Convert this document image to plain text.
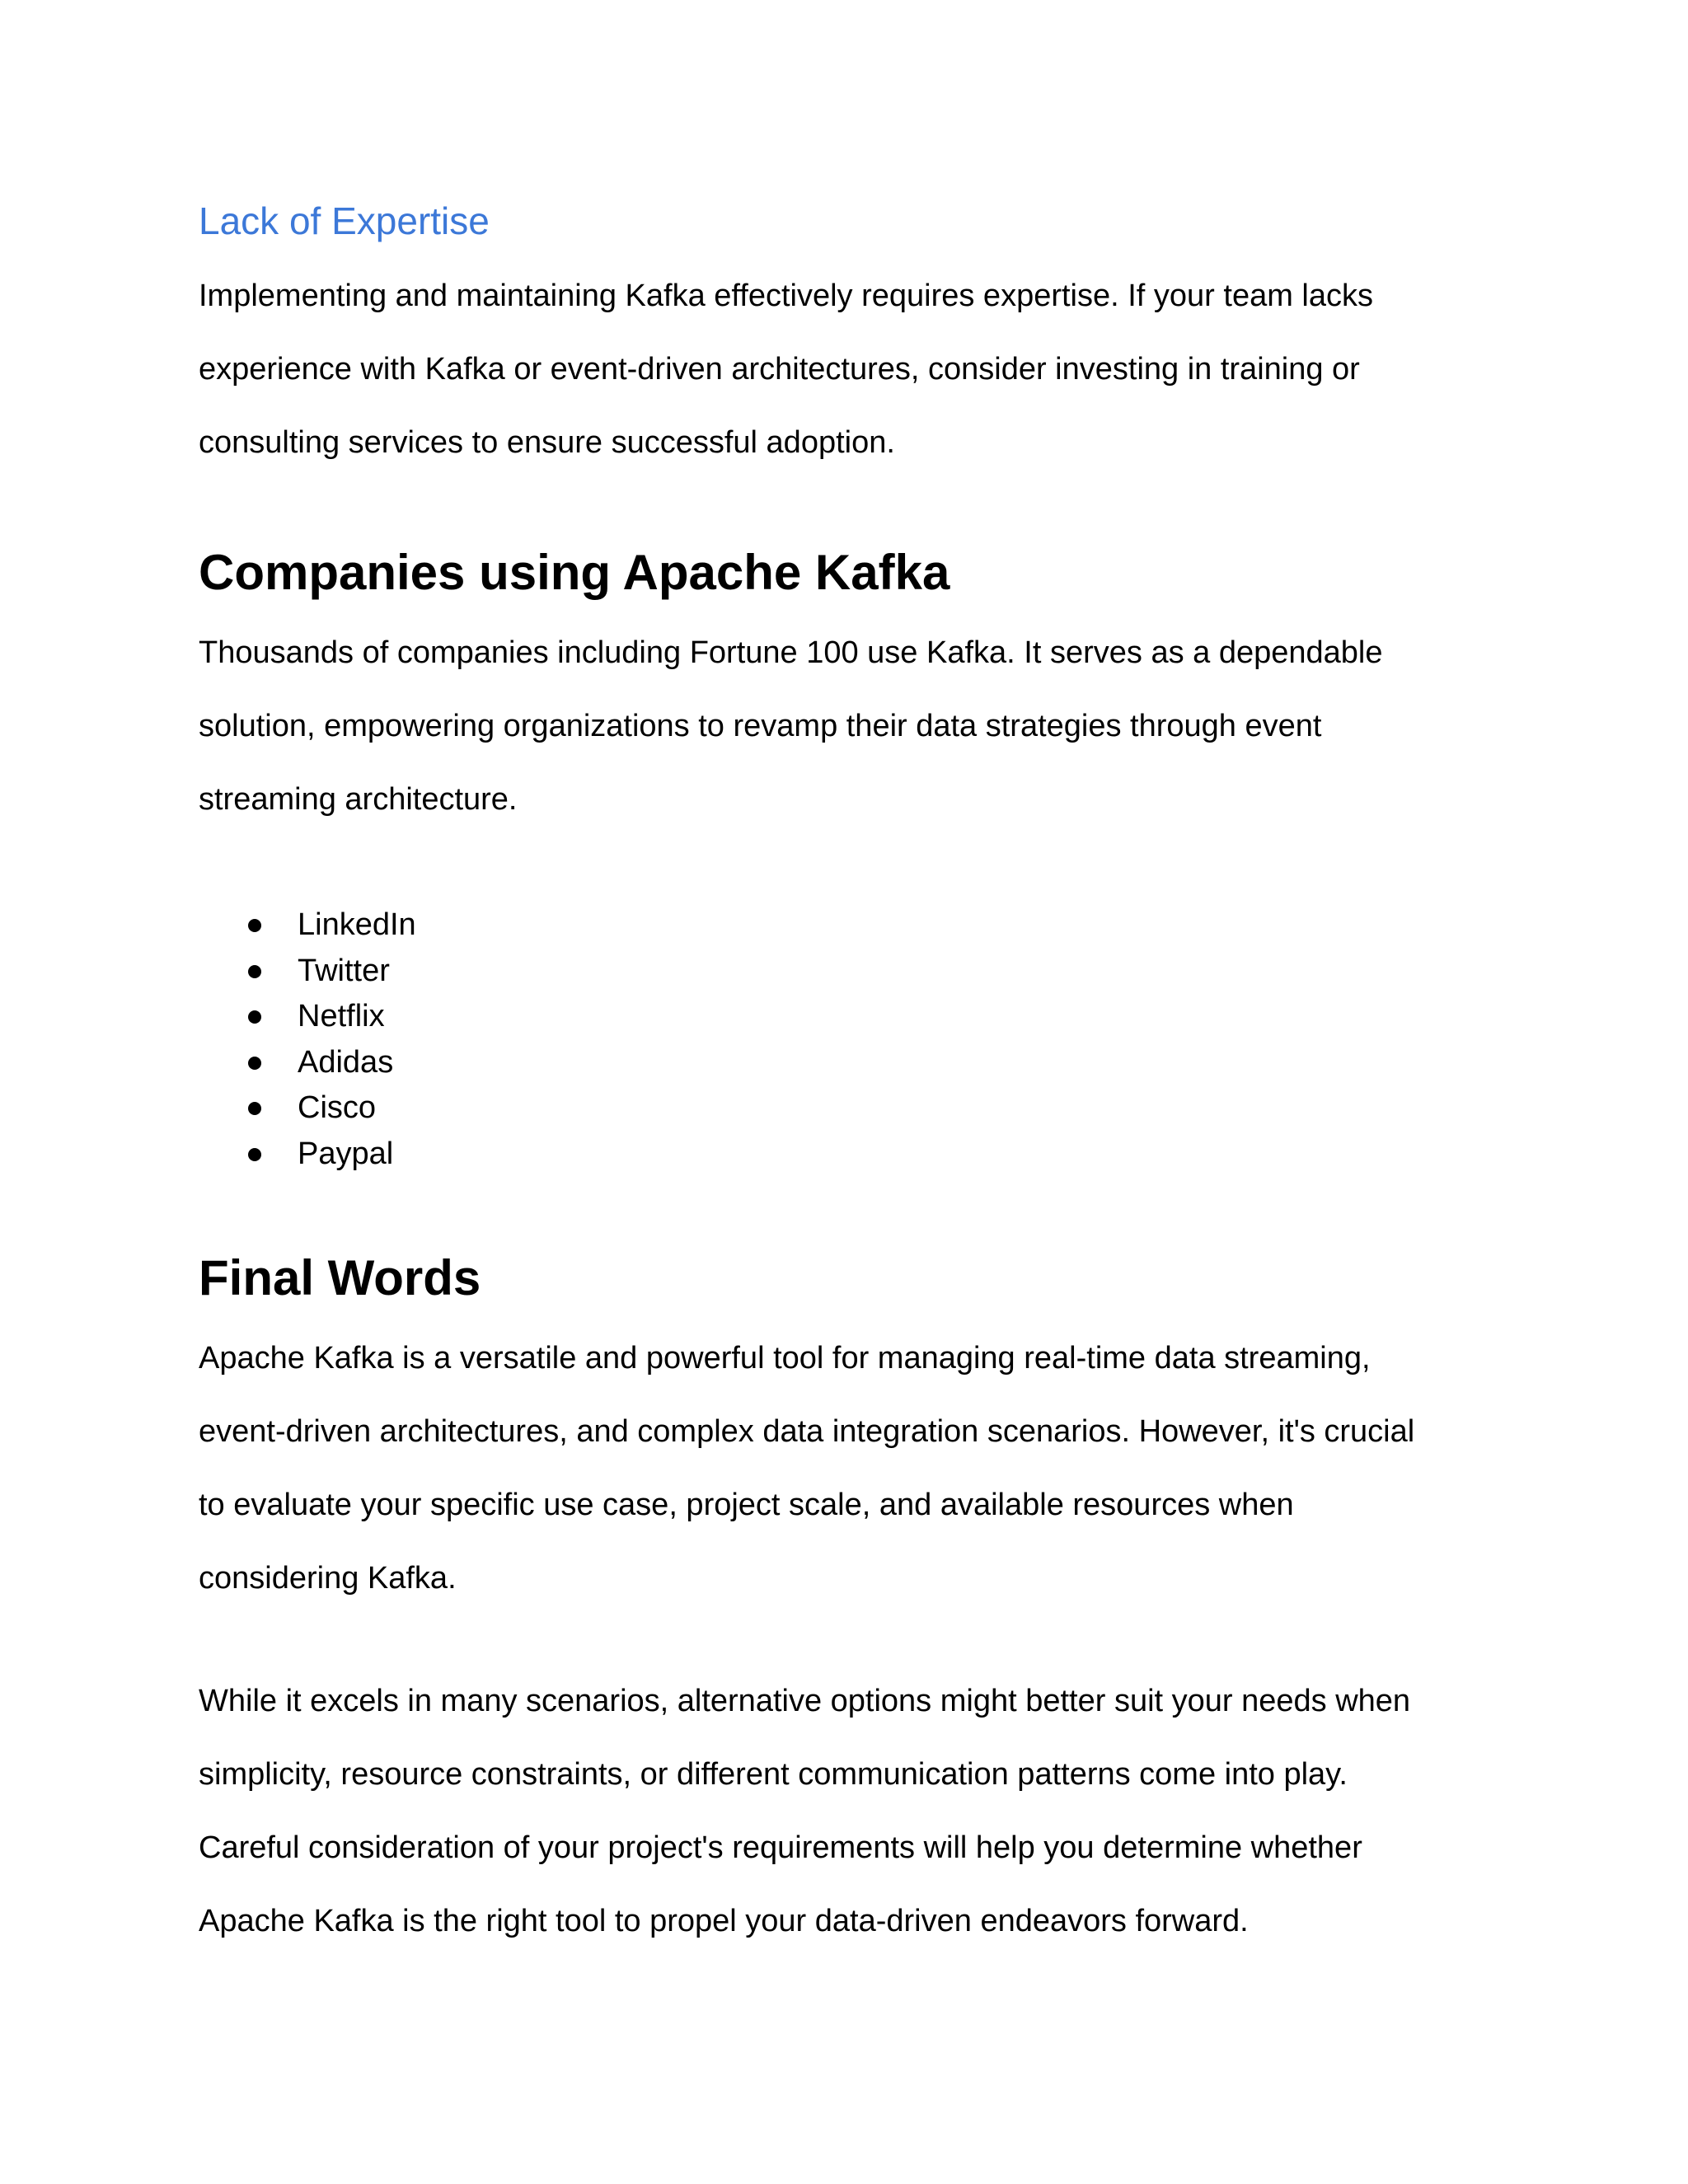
Lack of Expertise

Implementing and maintaining Kafka effectively requires expertise. If your team lacks
experience with Kafka or event-driven architectures, consider investing in training or
consulting services to ensure successful adoption.

Companies using Apache Kafka

Thousands of companies including Fortune 100 use Kafka. It serves as a dependable
solution, empowering organizations to revamp their data strategies through event
streaming architecture.

LinkedIn
Twitter
Netflix
Adidas
Cisco
Paypal
Final Words

Apache Kafka is a versatile and powerful tool for managing real-time data streaming,
event-driven architectures, and complex data integration scenarios. However, it's crucial
to evaluate your specific use case, project scale, and available resources when
considering Kafka.

While it excels in many scenarios, alternative options might better suit your needs when
simplicity, resource constraints, or different communication patterns come into play.
Careful consideration of your project's requirements will help you determine whether
Apache Kafka is the right tool to propel your data-driven endeavors forward.
